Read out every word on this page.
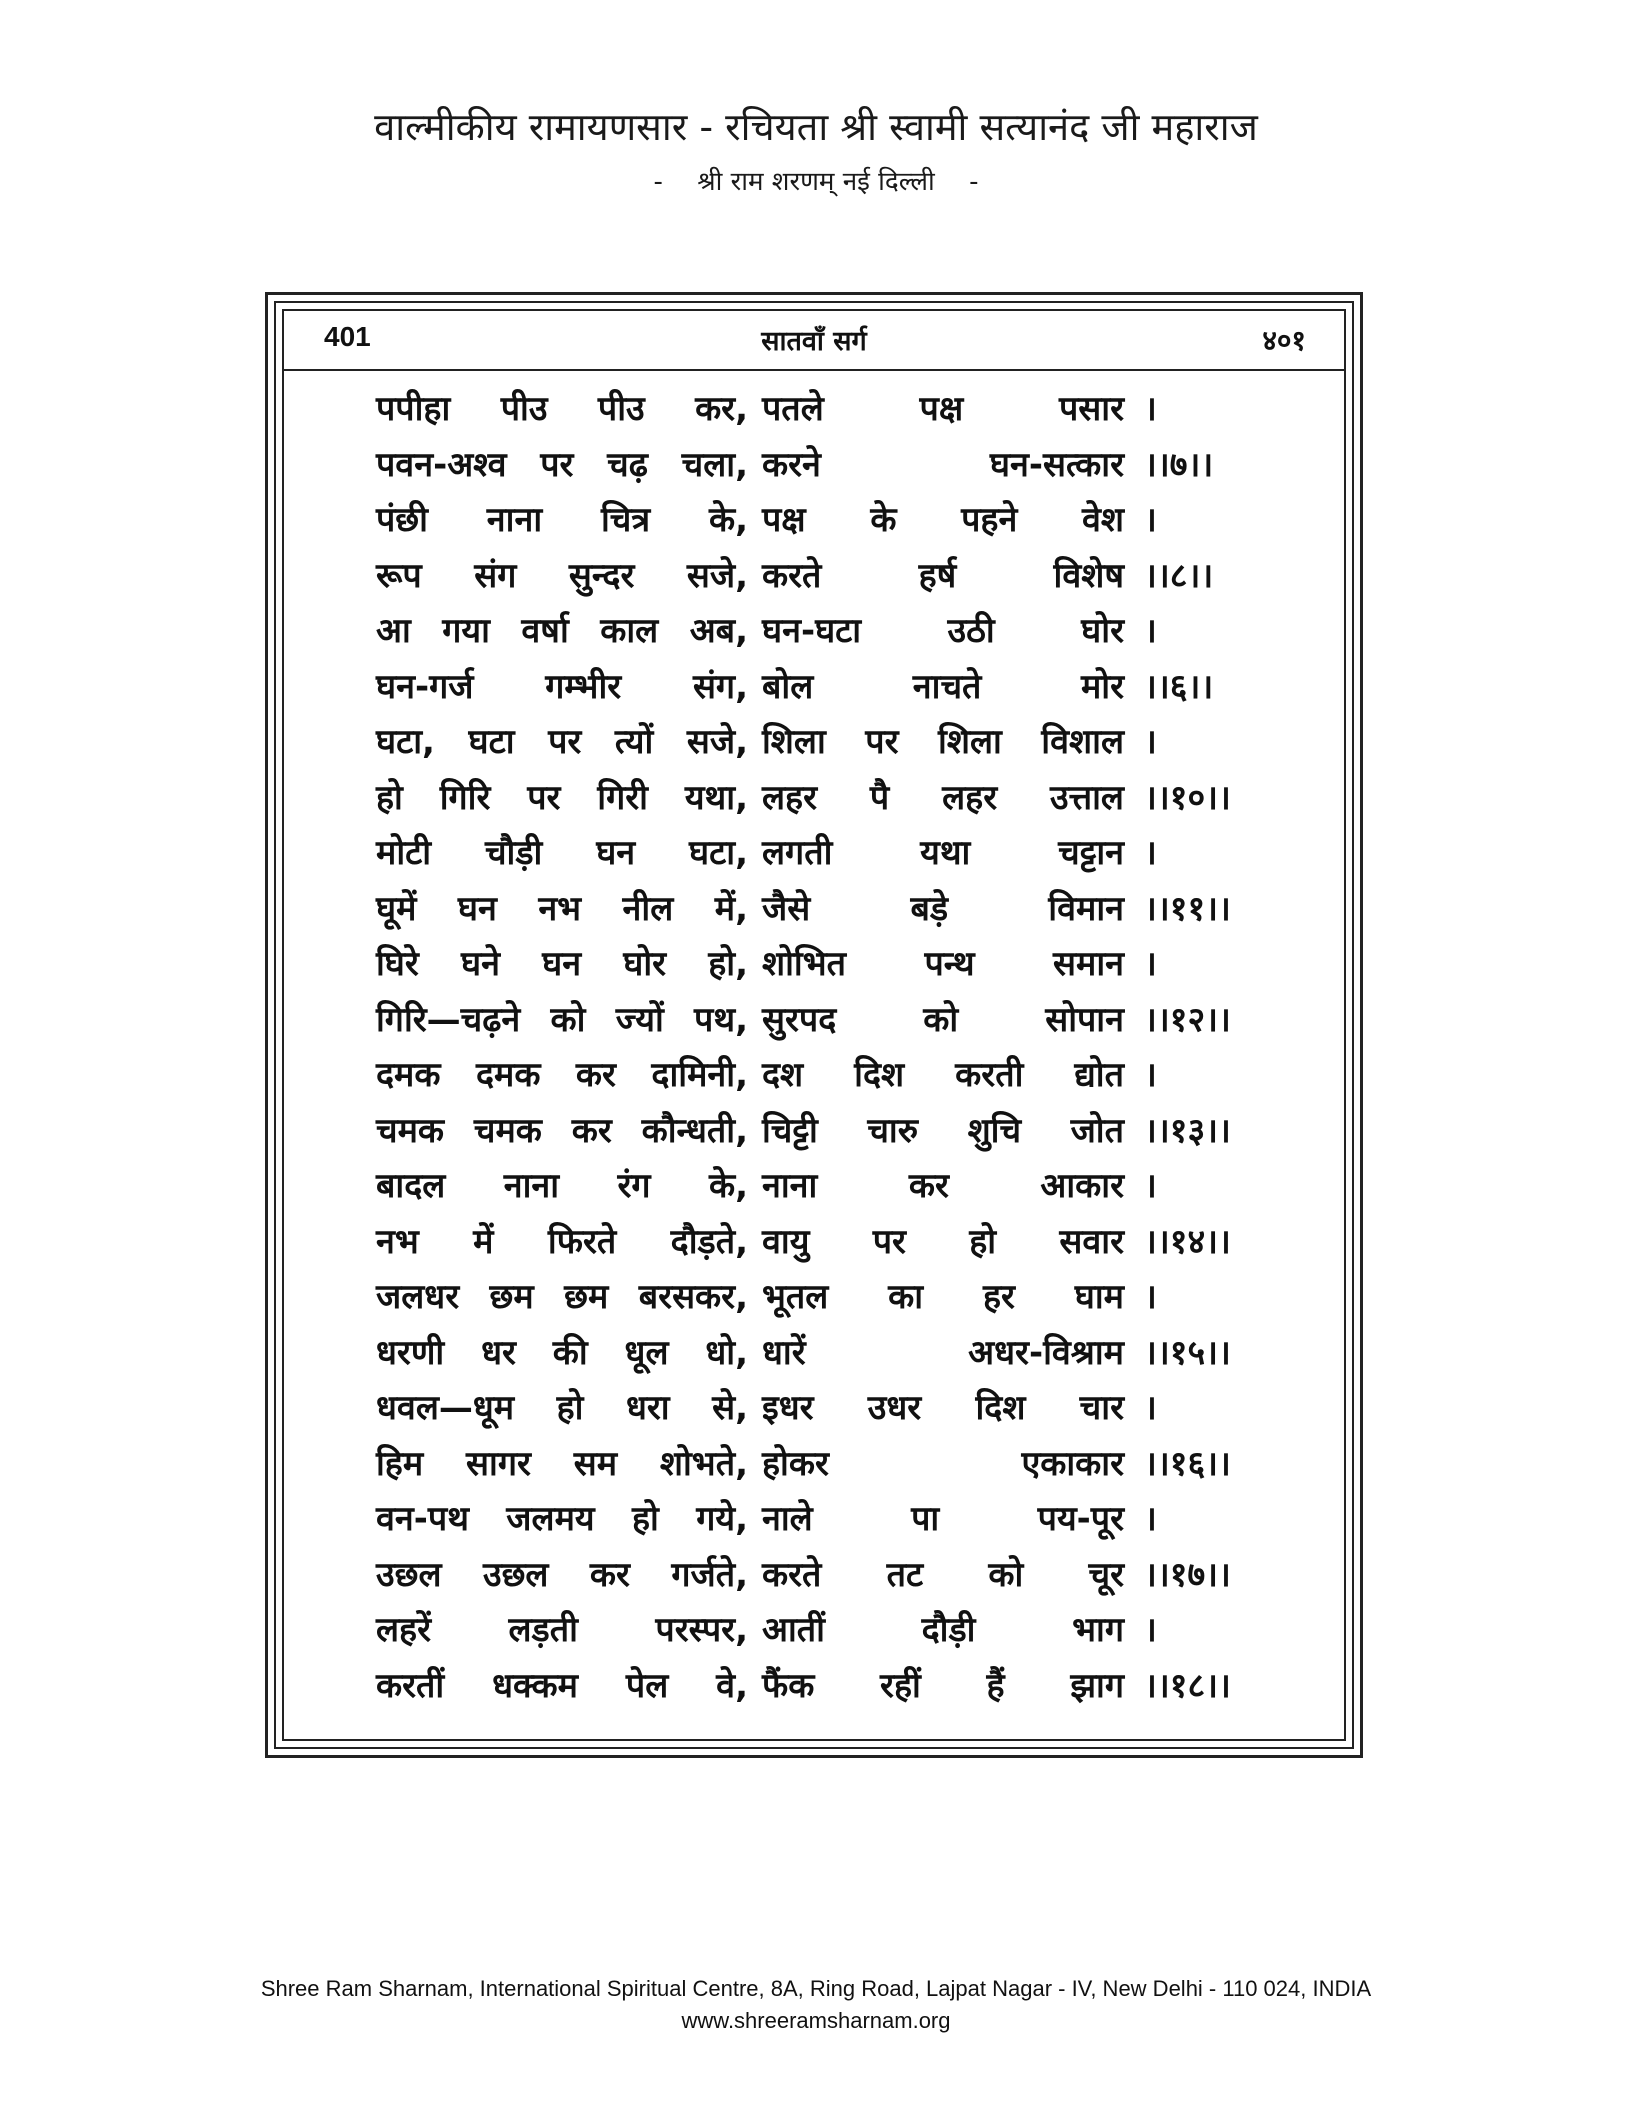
वाल्मीकीय रामायणसार - रचियता श्री स्वामी सत्यानंद जी महाराज
- श्री राम शरणम् नई दिल्ली -
401	सातवाँ सर्ग	४०१
पपीहा पीउ पीउ कर, पतले पक्ष पसार ।
पवन-अश्व पर चढ़ चला, करने घन-सत्कार ।।७।।
पंछी नाना चित्र के, पक्ष के पहने वेश ।
रूप संग सुन्दर सजे, करते हर्ष विशेष ।।८।।
आ गया वर्षा काल अब, घन-घटा उठी घोर ।
घन-गर्ज गम्भीर संग, बोल नाचते मोर ।।६।।
घटा, घटा पर त्यों सजे, शिला पर शिला विशाल ।
हो गिरि पर गिरी यथा, लहर पै लहर उत्ताल ।।१०।।
मोटी चौड़ी घन घटा, लगती यथा चट्टान ।
घूमें घन नभ नील में, जैसे बड़े विमान ।।११।।
घिरे घने घन घोर हो, शोभित पन्थ समान ।
गिरि—चढ़ने को ज्यों पथ, सुरपद को सोपान ।।१२।।
दमक दमक कर दामिनी, दश दिश करती द्योत ।
चमक चमक कर कौन्धती, चिट्टी चारु शुचि जोत ।।१३।।
बादल नाना रंग के, नाना कर आकार ।
नभ में फिरते दौड़ते, वायु पर हो सवार ।।१४।।
जलधर छम छम बरसकर, भूतल का हर घाम ।
धरणी धर की धूल धो, धारें अधर-विश्राम ।।१५।।
धवल—धूम हो धरा से, इधर उधर दिश चार ।
हिम सागर सम शोभते, होकर एकाकार ।।१६।।
वन-पथ जलमय हो गये, नाले पा पय-पूर ।
उछल उछल कर गर्जते, करते तट को चूर ।।१७।।
लहरें लड़ती परस्पर, आतीं दौड़ी भाग ।
करतीं धक्कम पेल वे, फैंक रहीं हैं झाग ।।१८।।
Shree Ram Sharnam, International Spiritual Centre, 8A, Ring Road, Lajpat Nagar - IV, New Delhi - 110 024, INDIA
www.shreeramsharnam.org
